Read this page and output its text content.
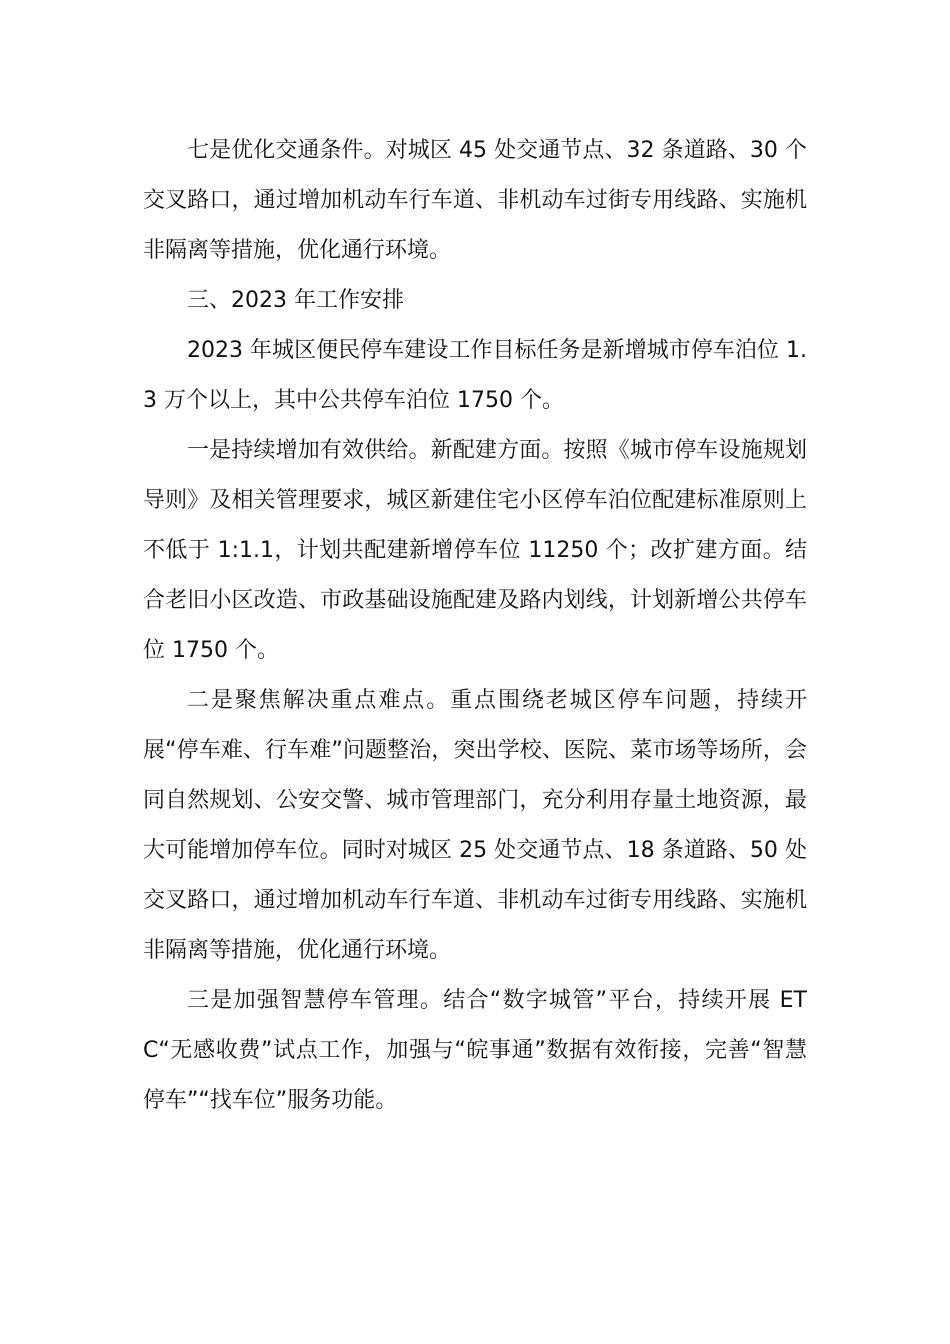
七是优化交通条件。对城区 45 处交通节点、32 条道路、30 个交叉路口，通过增加机动车行车道、非机动车过街专用线路、实施机非隔离等措施，优化通行环境。

三、2023 年工作安排

2023 年城区便民停车建设工作目标任务是新增城市停车泊位 1.3 万个以上，其中公共停车泊位 1750 个。

一是持续增加有效供给。新配建方面。按照《城市停车设施规划导则》及相关管理要求，城区新建住宅小区停车泊位配建标准原则上不低于 1:1.1，计划共配建新增停车位 11250 个；改扩建方面。结合老旧小区改造、市政基础设施配建及路内划线，计划新增公共停车位 1750 个。

二是聚焦解决重点难点。重点围绕老城区停车问题，持续开展“停车难、行车难”问题整治，突出学校、医院、菜市场等场所，会同自然规划、公安交警、城市管理部门，充分利用存量土地资源，最大可能增加停车位。同时对城区 25 处交通节点、18 条道路、50 处交叉路口，通过增加机动车行车道、非机动车过街专用线路、实施机非隔离等措施，优化通行环境。

三是加强智慧停车管理。结合“数字城管”平台，持续开展 ETC“无感收费”试点工作，加强与“皖事通”数据有效衔接，完善“智慧停车”“找车位”服务功能。
